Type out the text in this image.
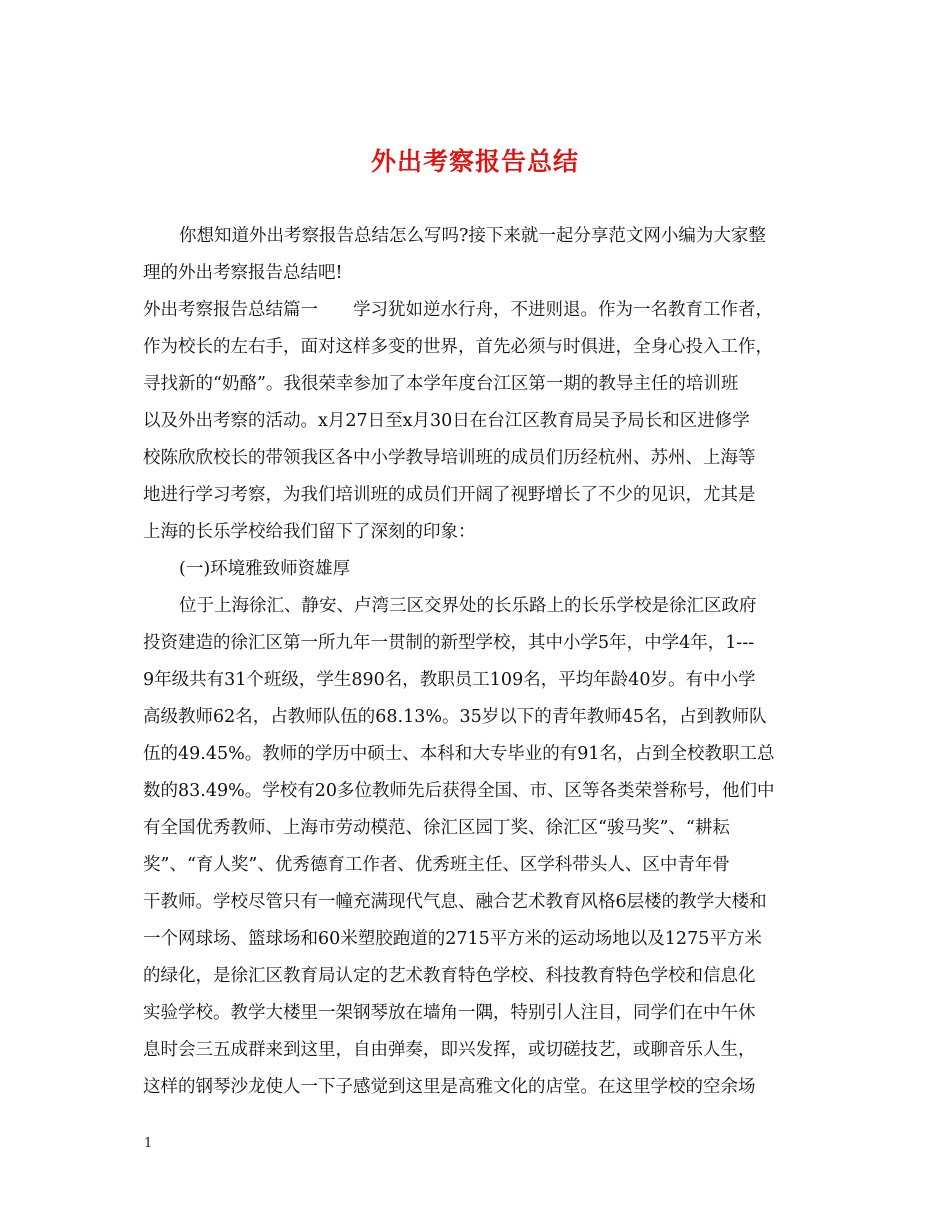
外出考察报告总结
你想知道外出考察报告总结怎么写吗?接下来就一起分享范文网小编为大家整
理的外出考察报告总结吧!
外出考察报告总结篇一　　学习犹如逆水行舟，不进则退。作为一名教育工作者，
作为校长的左右手，面对这样多变的世界，首先必须与时俱进，全身心投入工作，
寻找新的“奶酪”。我很荣幸参加了本学年度台江区第一期的教导主任的培训班
以及外出考察的活动。x月27日至x月30日在台江区教育局吴予局长和区进修学
校陈欣欣校长的带领我区各中小学教导培训班的成员们历经杭州、苏州、上海等
地进行学习考察，为我们培训班的成员们开阔了视野增长了不少的见识，尤其是
上海的长乐学校给我们留下了深刻的印象：
(一)环境雅致师资雄厚
位于上海徐汇、静安、卢湾三区交界处的长乐路上的长乐学校是徐汇区政府
投资建造的徐汇区第一所九年一贯制的新型学校，其中小学5年，中学4年，1---
9年级共有31个班级，学生890名，教职员工109名，平均年龄40岁。有中小学
高级教师62名，占教师队伍的68.13%。35岁以下的青年教师45名，占到教师队
伍的49.45%。教师的学历中硕士、本科和大专毕业的有91名，占到全校教职工总
数的83.49%。学校有20多位教师先后获得全国、市、区等各类荣誉称号，他们中
有全国优秀教师、上海市劳动模范、徐汇区园丁奖、徐汇区“骏马奖”、“耕耘
奖”、“育人奖”、优秀德育工作者、优秀班主任、区学科带头人、区中青年骨
干教师。学校尽管只有一幢充满现代气息、融合艺术教育风格6层楼的教学大楼和
一个网球场、篮球场和60米塑胶跑道的2715平方米的运动场地以及1275平方米
的绿化，是徐汇区教育局认定的艺术教育特色学校、科技教育特色学校和信息化
实验学校。教学大楼里一架钢琴放在墙角一隅，特别引人注目，同学们在中午休
息时会三五成群来到这里，自由弹奏，即兴发挥，或切磋技艺，或聊音乐人生，
这样的钢琴沙龙使人一下子感觉到这里是高雅文化的店堂。在这里学校的空余场
1
